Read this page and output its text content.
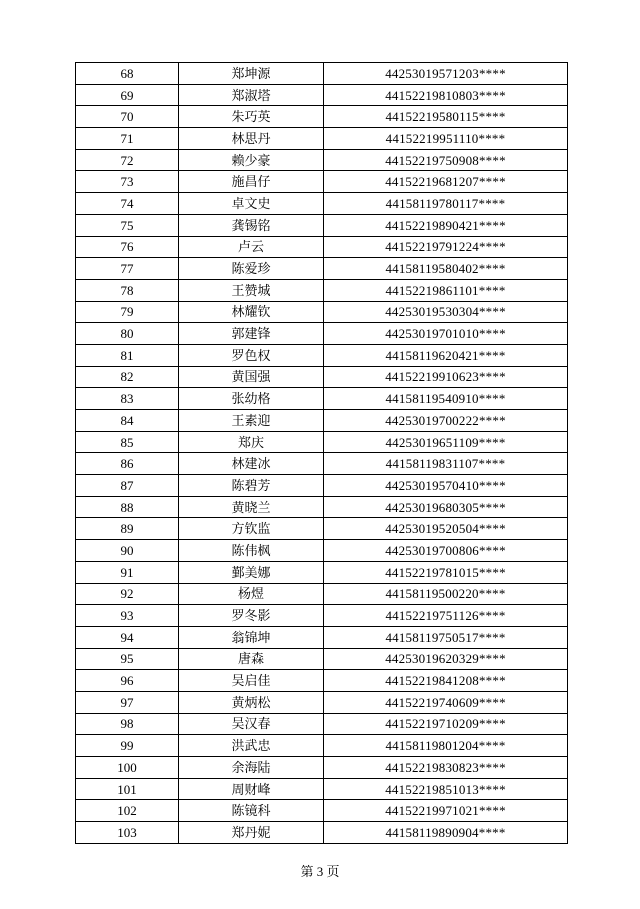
68	郑坤源	44253019571203****
69	郑淑塔	44152219810803****
70	朱巧英	44152219580115****
71	林思丹	44152219951110****
72	赖少豪	44152219750908****
73	施昌仔	44152219681207****
74	卓文史	44158119780117****
75	龚锡铭	44152219890421****
76	卢云	44152219791224****
77	陈爱珍	44158119580402****
78	王赞城	44152219861101****
79	林耀钦	44253019530304****
80	郭建锋	44253019701010****
81	罗色权	44158119620421****
82	黄国强	44152219910623****
83	张幼格	44158119540910****
84	王素迎	44253019700222****
85	郑庆	44253019651109****
86	林建冰	44158119831107****
87	陈碧芳	44253019570410****
88	黄晓兰	44253019680305****
89	方钦监	44253019520504****
90	陈伟枫	44253019700806****
91	鄞美娜	44152219781015****
92	杨煜	44158119500220****
93	罗冬影	44152219751126****
94	翁锦坤	44158119750517****
95	唐森	44253019620329****
96	吴启佳	44152219841208****
97	黄炳松	44152219740609****
98	吴汉春	44152219710209****
99	洪武忠	44158119801204****
100	余海陆	44152219830823****
101	周财峰	44152219851013****
102	陈镜科	44152219971021****
103	郑丹妮	44158119890904****
第 3 页
